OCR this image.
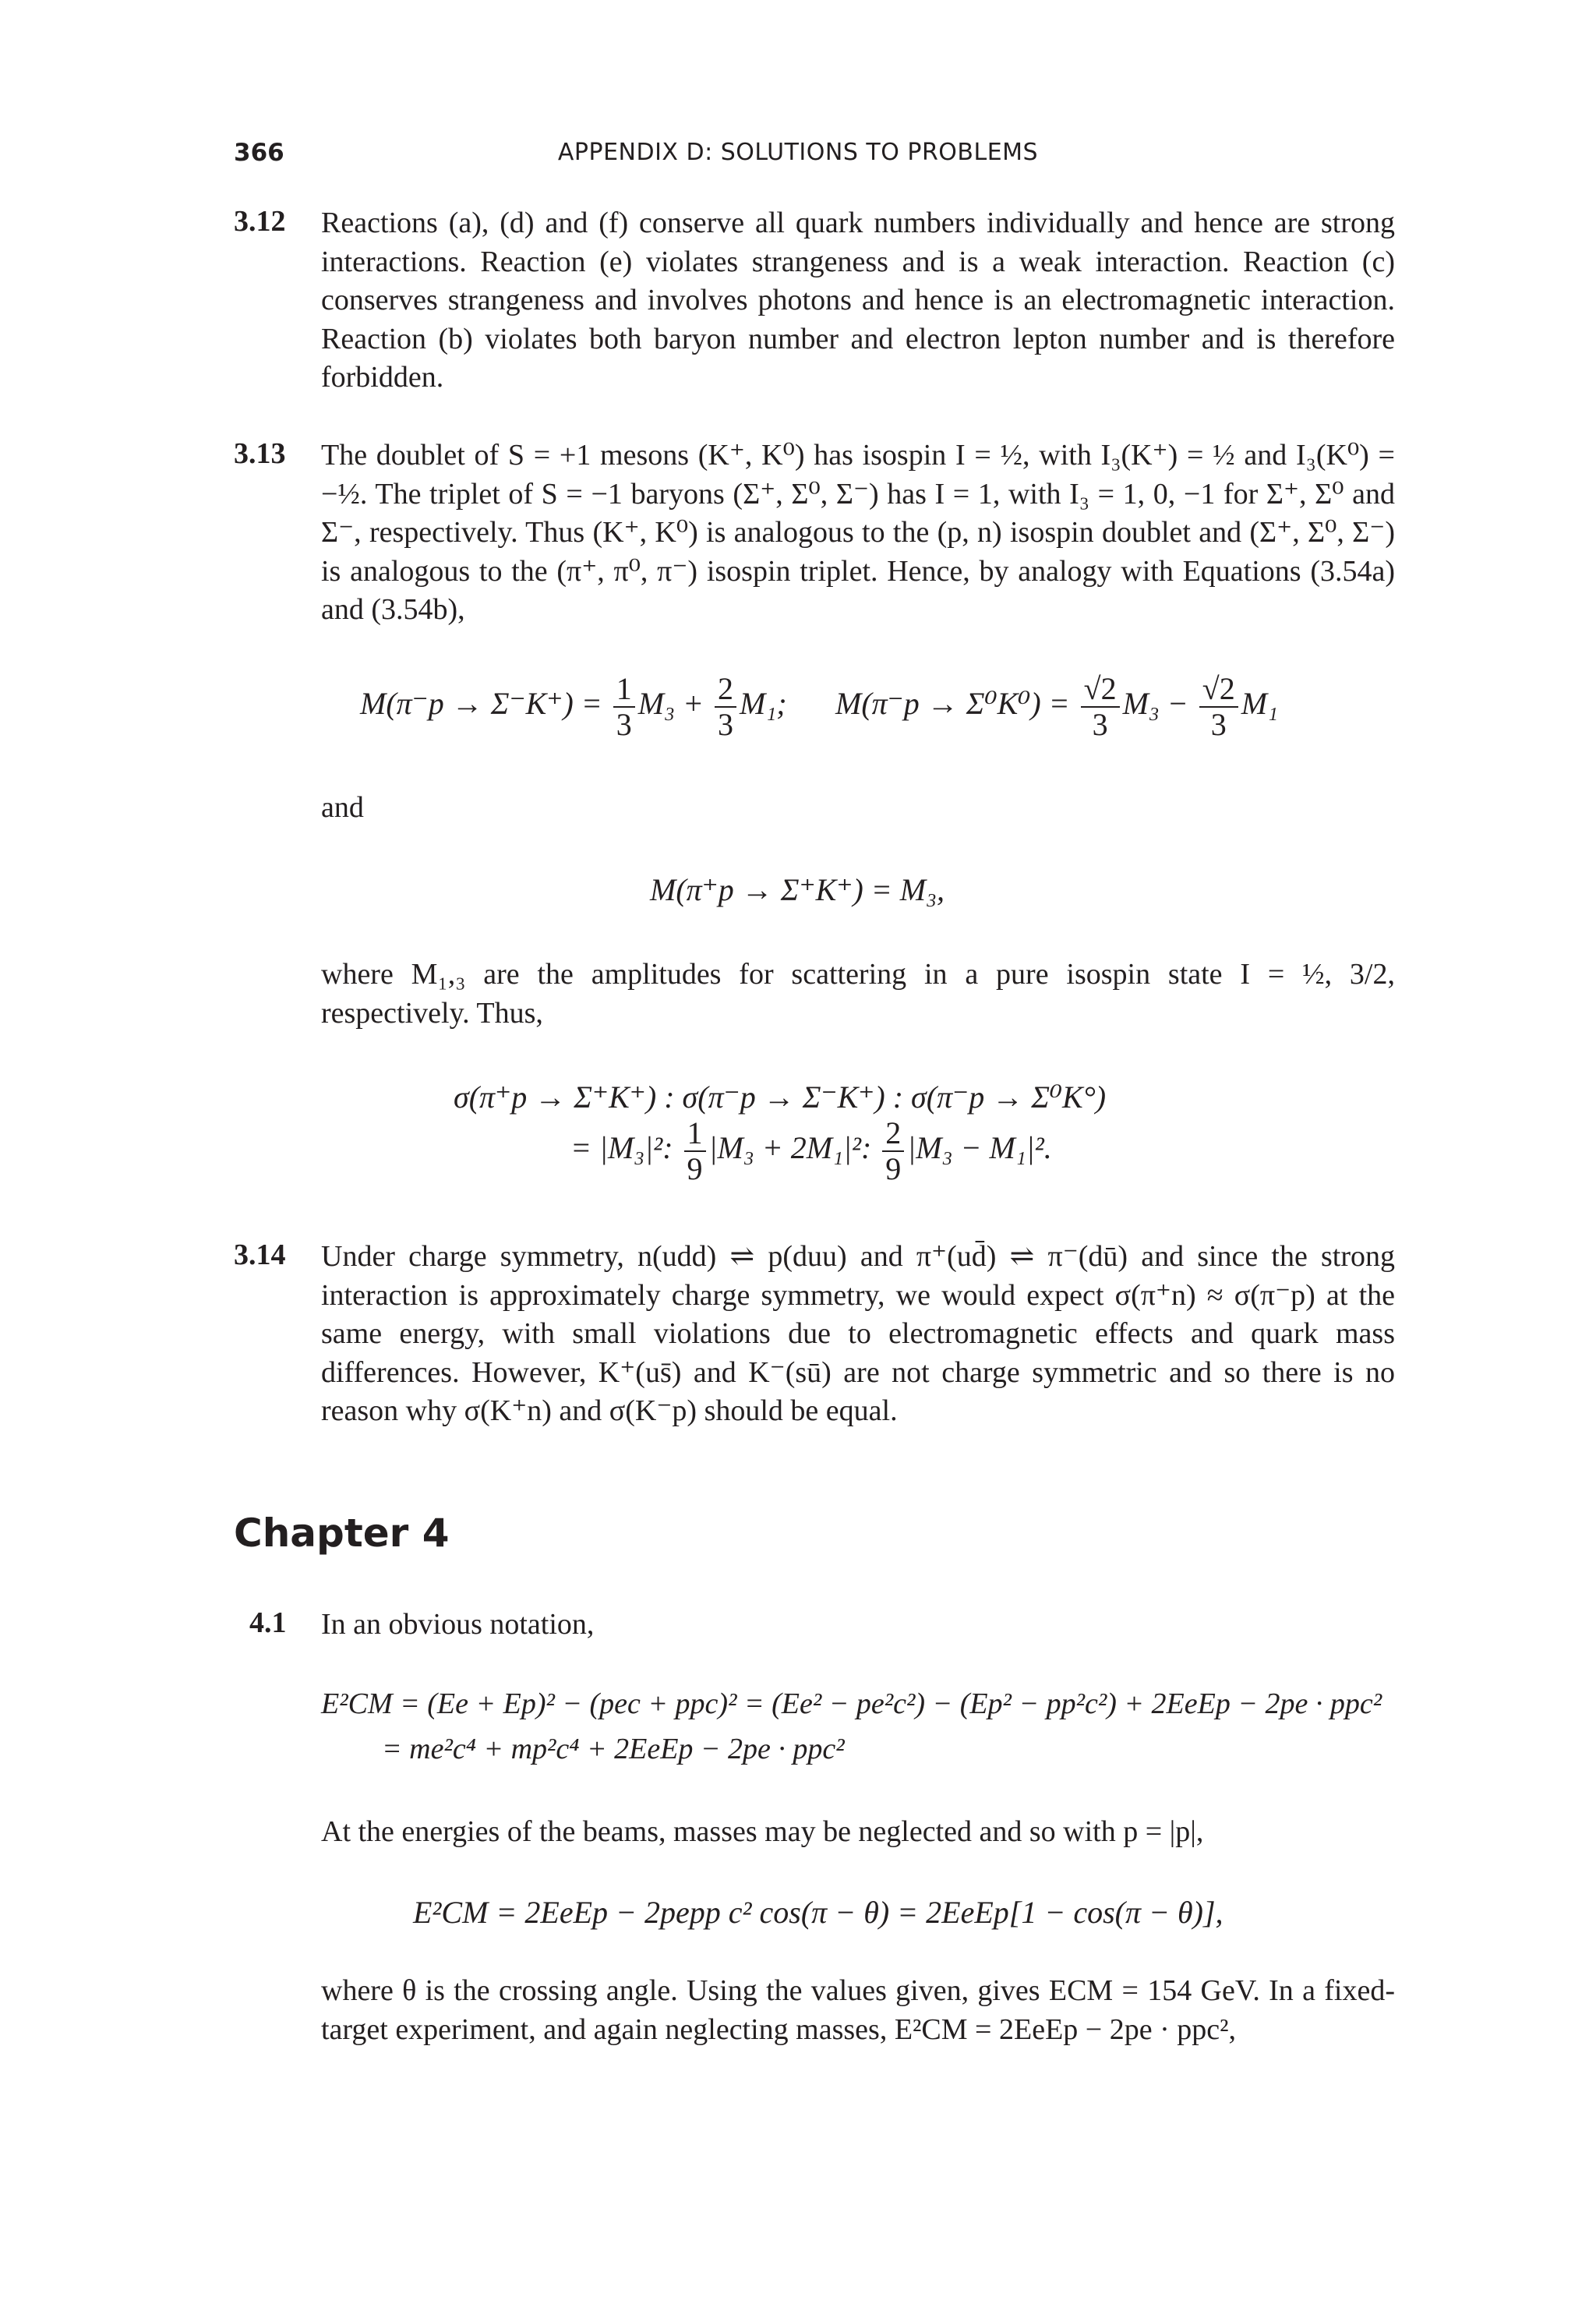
366	APPENDIX D: SOLUTIONS TO PROBLEMS
3.12 Reactions (a), (d) and (f) conserve all quark numbers individually and hence are strong interactions. Reaction (e) violates strangeness and is a weak interaction. Reaction (c) conserves strangeness and involves photons and hence is an electromagnetic interaction. Reaction (b) violates both baryon number and electron lepton number and is therefore forbidden.

3.13 The doublet of S = +1 mesons (K⁺, K⁰) has isospin I = ½, with I₃(K⁺) = ½ and I₃(K⁰) = −½. The triplet of S = −1 baryons (Σ⁺, Σ⁰, Σ⁻) has I = 1, with I₃ = 1, 0, −1 for Σ⁺, Σ⁰ and Σ⁻, respectively. Thus (K⁺, K⁰) is analogous to the (p, n) isospin doublet and (Σ⁺, Σ⁰, Σ⁻) is analogous to the (π⁺, π⁰, π⁻) isospin triplet. Hence, by analogy with Equations (3.54a) and (3.54b),

$M(\pi^-p \to \Sigma^-K^+) = \frac{1}{3} M_3 + \frac{2}{3} M_1$; $M(\pi^-p \to \Sigma^0K^0) = \frac{√2}{3} M_3 - \frac{√2}{3} M_1$

and

M(π⁺p → Σ⁺K⁺) = M₃,

where M₁,₃ are the amplitudes for scattering in a pure isospin state I = ½, 3/2, respectively. Thus,

σ(π⁺p → Σ⁺K⁺) : σ(π⁻p → Σ⁻K⁺) : σ(π⁻p → Σ⁰K°)
= |M₃|²: $\frac{1}{9} |M_3 + 2M_1|^2$: $\frac{2}{9} |M_3 - M_1|^2$.
3.14 Under charge symmetry, n(udd) ⇌ p(duu) and π⁺(ud̄) ⇌ π⁻(dū) and since the strong interaction is approximately charge symmetry, we would expect σ(π⁺n) ≈ σ(π⁻p) at the same energy, with small violations due to electromagnetic effects and quark mass differences. However, K⁺(us̄) and K⁻(sū) are not charge symmetric and so there is no reason why σ(K⁺n) and σ(K⁻p) should be equal.

Chapter 4
4.1 In an obvious notation,

E²CM = (Ee + Ep)² − (pec + ppc)² = (Ee² − pe²c²) − (Ep² − pp²c²) + 2EeEp − 2pe · ppc²
= me²c⁴ + mp²c⁴ + 2EeEp − 2pe · ppc²

At the energies of the beams, masses may be neglected and so with p = |p|,

E²CM = 2EeEp − 2pepp c² cos(π − θ) = 2EeEp[1 − cos(π − θ)],

where θ is the crossing angle. Using the values given, gives ECM = 154 GeV. In a fixed-target experiment, and again neglecting masses, E²CM = 2EeEp − 2pe · ppc²,
